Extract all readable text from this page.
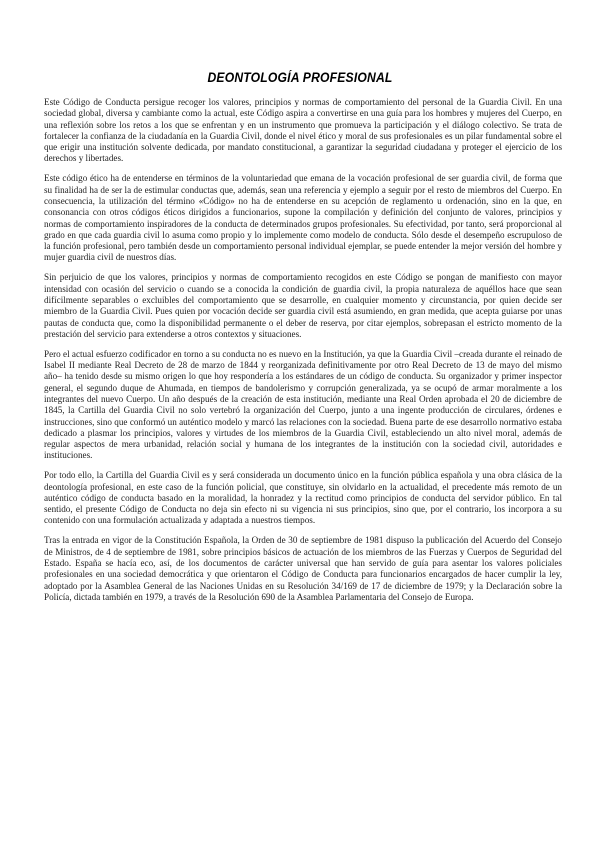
DEONTOLOGÍA PROFESIONAL

Este Código de Conducta persigue recoger los valores, principios y normas de comportamiento del personal de la Guardia Civil. En una sociedad global, diversa y cambiante como la actual, este Código aspira a convertirse en una guía para los hombres y mujeres del Cuerpo, en una reflexión sobre los retos a los que se enfrentan y en un instrumento que promueva la participación y el diálogo colectivo. Se trata de fortalecer la confianza de la ciudadanía en la Guardia Civil, donde el nivel ético y moral de sus profesionales es un pilar fundamental sobre el que erigir una institución solvente dedicada, por mandato constitucional, a garantizar la seguridad ciudadana y proteger el ejercicio de los derechos y libertades.

Este código ético ha de entenderse en términos de la voluntariedad que emana de la vocación profesional de ser guardia civil, de forma que su finalidad ha de ser la de estimular conductas que, además, sean una referencia y ejemplo a seguir por el resto de miembros del Cuerpo. En consecuencia, la utilización del término «Código» no ha de entenderse en su acepción de reglamento u ordenación, sino en la que, en consonancia con otros códigos éticos dirigidos a funcionarios, supone la compilación y definición del conjunto de valores, principios y normas de comportamiento inspiradores de la conducta de determinados grupos profesionales. Su efectividad, por tanto, será proporcional al grado en que cada guardia civil lo asuma como propio y lo implemente como modelo de conducta. Sólo desde el desempeño escrupuloso de la función profesional, pero también desde un comportamiento personal individual ejemplar, se puede entender la mejor versión del hombre y mujer guardia civil de nuestros días.

Sin perjuicio de que los valores, principios y normas de comportamiento recogidos en este Código se pongan de manifiesto con mayor intensidad con ocasión del servicio o cuando se a conocida la condición de guardia civil, la propia naturaleza de aquéllos hace que sean difícilmente separables o excluibles del comportamiento que se desarrolle, en cualquier momento y circunstancia, por quien decide ser miembro de la Guardia Civil. Pues quien por vocación decide ser guardia civil está asumiendo, en gran medida, que acepta guiarse por unas pautas de conducta que, como la disponibilidad permanente o el deber de reserva, por citar ejemplos, sobrepasan el estricto momento de la prestación del servicio para extenderse a otros contextos y situaciones.

Pero el actual esfuerzo codificador en torno a su conducta no es nuevo en la Institución, ya que la Guardia Civil –creada durante el reinado de Isabel II mediante Real Decreto de 28 de marzo de 1844 y reorganizada definitivamente por otro Real Decreto de 13 de mayo del mismo año– ha tenido desde su mismo origen lo que hoy respondería a los estándares de un código de conducta. Su organizador y primer inspector general, el segundo duque de Ahumada, en tiempos de bandolerismo y corrupción generalizada, ya se ocupó de armar moralmente a los integrantes del nuevo Cuerpo. Un año después de la creación de esta institución, mediante una Real Orden aprobada el 20 de diciembre de 1845, la Cartilla del Guardia Civil no solo vertebró la organización del Cuerpo, junto a una ingente producción de circulares, órdenes e instrucciones, sino que conformó un auténtico modelo y marcó las relaciones con la sociedad. Buena parte de ese desarrollo normativo estaba dedicado a plasmar los principios, valores y virtudes de los miembros de la Guardia Civil, estableciendo un alto nivel moral, además de regular aspectos de mera urbanidad, relación social y humana de los integrantes de la institución con la sociedad civil, autoridades e instituciones.

Por todo ello, la Cartilla del Guardia Civil es y será considerada un documento único en la función pública española y una obra clásica de la deontología profesional, en este caso de la función policial, que constituye, sin olvidarlo en la actualidad, el precedente más remoto de un auténtico código de conducta basado en la moralidad, la honradez y la rectitud como principios de conducta del servidor público. En tal sentido, el presente Código de Conducta no deja sin efecto ni su vigencia ni sus principios, sino que, por el contrario, los incorpora a su contenido con una formulación actualizada y adaptada a nuestros tiempos.

Tras la entrada en vigor de la Constitución Española, la Orden de 30 de septiembre de 1981 dispuso la publicación del Acuerdo del Consejo de Ministros, de 4 de septiembre de 1981, sobre principios básicos de actuación de los miembros de las Fuerzas y Cuerpos de Seguridad del Estado. España se hacía eco, así, de los documentos de carácter universal que han servido de guía para asentar los valores policiales profesionales en una sociedad democrática y que orientaron el Código de Conducta para funcionarios encargados de hacer cumplir la ley, adoptado por la Asamblea General de las Naciones Unidas en su Resolución 34/169 de 17 de diciembre de 1979; y la Declaración sobre la Policía, dictada también en 1979, a través de la Resolución 690 de la Asamblea Parlamentaria del Consejo de Europa.
